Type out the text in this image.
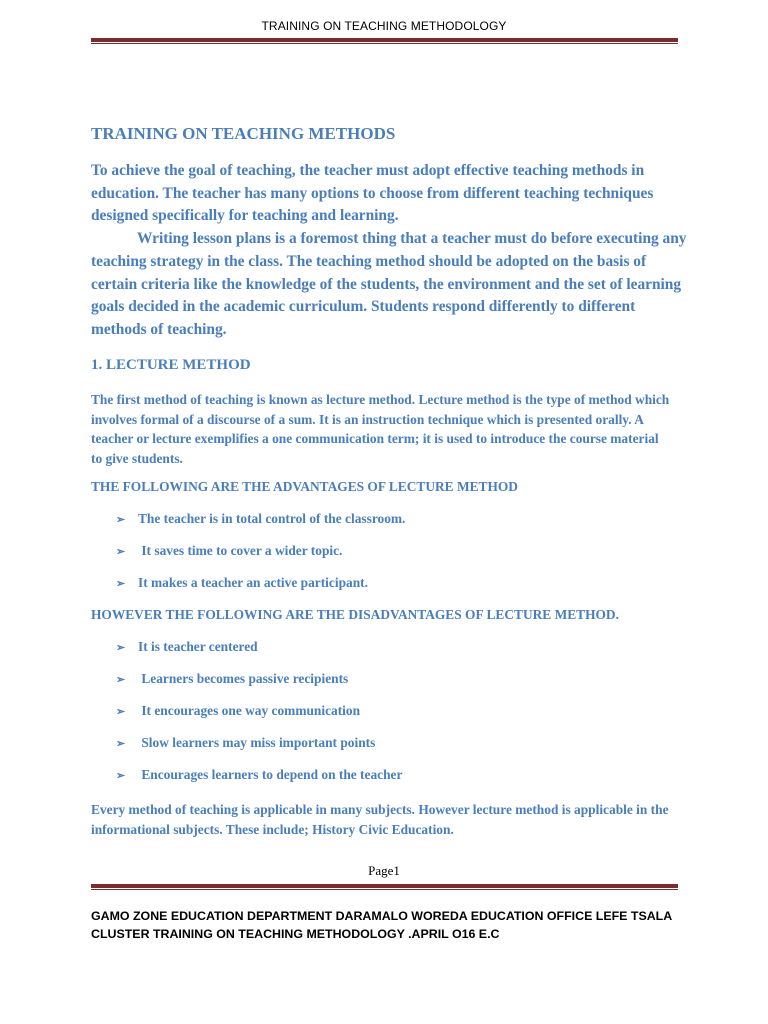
TRAINING ON TEACHING METHODOLOGY
TRAINING ON TEACHING METHODS

To achieve the goal of teaching, the teacher must adopt effective teaching methods in education. The teacher has many options to choose from different teaching techniques designed specifically for teaching and learning.

Writing lesson plans is a foremost thing that a teacher must do before executing any teaching strategy in the class. The teaching method should be adopted on the basis of certain criteria like the knowledge of the students, the environment and the set of learning goals decided in the academic curriculum. Students respond differently to different methods of teaching.

1. LECTURE METHOD

The first method of teaching is known as lecture method. Lecture method is the type of method which involves formal of a discourse of a sum. It is an instruction technique which is presented orally. A teacher or lecture exemplifies a one communication term; it is used to introduce the course material to give students.

THE FOLLOWING ARE THE ADVANTAGES OF LECTURE METHOD
➢ The teacher is in total control of the classroom.
➢ It saves time to cover a wider topic.
➢ It makes a teacher an active participant.
HOWEVER THE FOLLOWING ARE THE DISADVANTAGES OF LECTURE METHOD.
➢ It is teacher centered
➢ Learners becomes passive recipients
➢ It encourages one way communication
➢ Slow learners may miss important points
➢ Encourages learners to depend on the teacher

Every method of teaching is applicable in many subjects. However lecture method is applicable in the informational subjects. These include; History Civic Education.

Page1

GAMO ZONE EDUCATION DEPARTMENT DARAMALO WOREDA EDUCATION OFFICE LEFE TSALA
CLUSTER TRAINING ON TEACHING METHODOLOGY .APRIL O16 E.C
